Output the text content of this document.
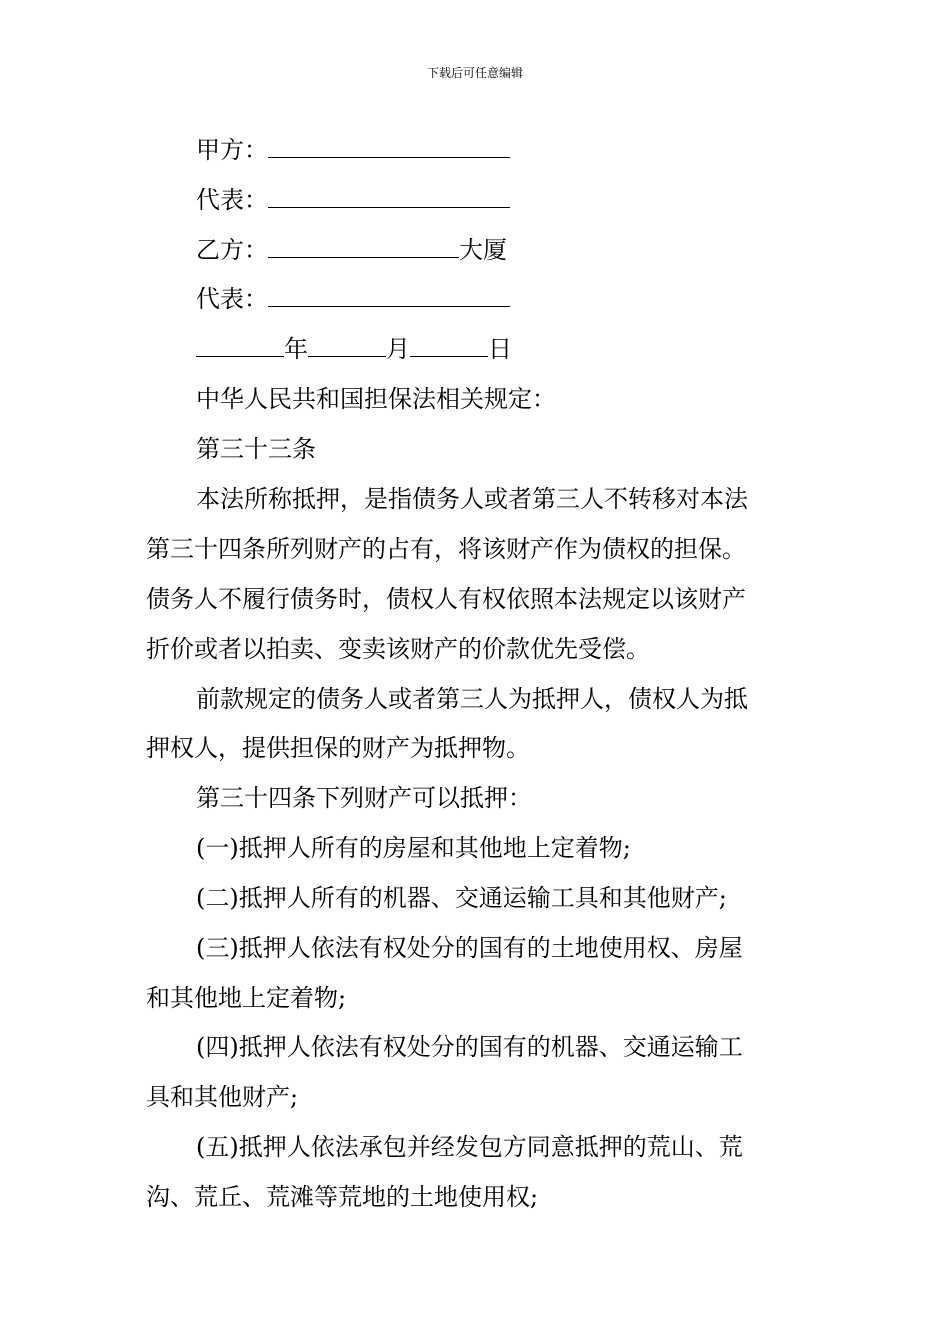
下载后可任意编辑
甲方：
代表：
乙方：	大厦
代表：
年	月	日
中华人民共和国担保法相关规定：
第三十三条
本法所称抵押，是指债务人或者第三人不转移对本法
第三十四条所列财产的占有，将该财产作为债权的担保。
债务人不履行债务时，债权人有权依照本法规定以该财产
折价或者以拍卖、变卖该财产的价款优先受偿。
前款规定的债务人或者第三人为抵押人，债权人为抵
押权人，提供担保的财产为抵押物。
第三十四条下列财产可以抵押：
(一)抵押人所有的房屋和其他地上定着物;
(二)抵押人所有的机器、交通运输工具和其他财产;
(三)抵押人依法有权处分的国有的土地使用权、房屋
和其他地上定着物;
(四)抵押人依法有权处分的国有的机器、交通运输工
具和其他财产;
(五)抵押人依法承包并经发包方同意抵押的荒山、荒
沟、荒丘、荒滩等荒地的土地使用权;
